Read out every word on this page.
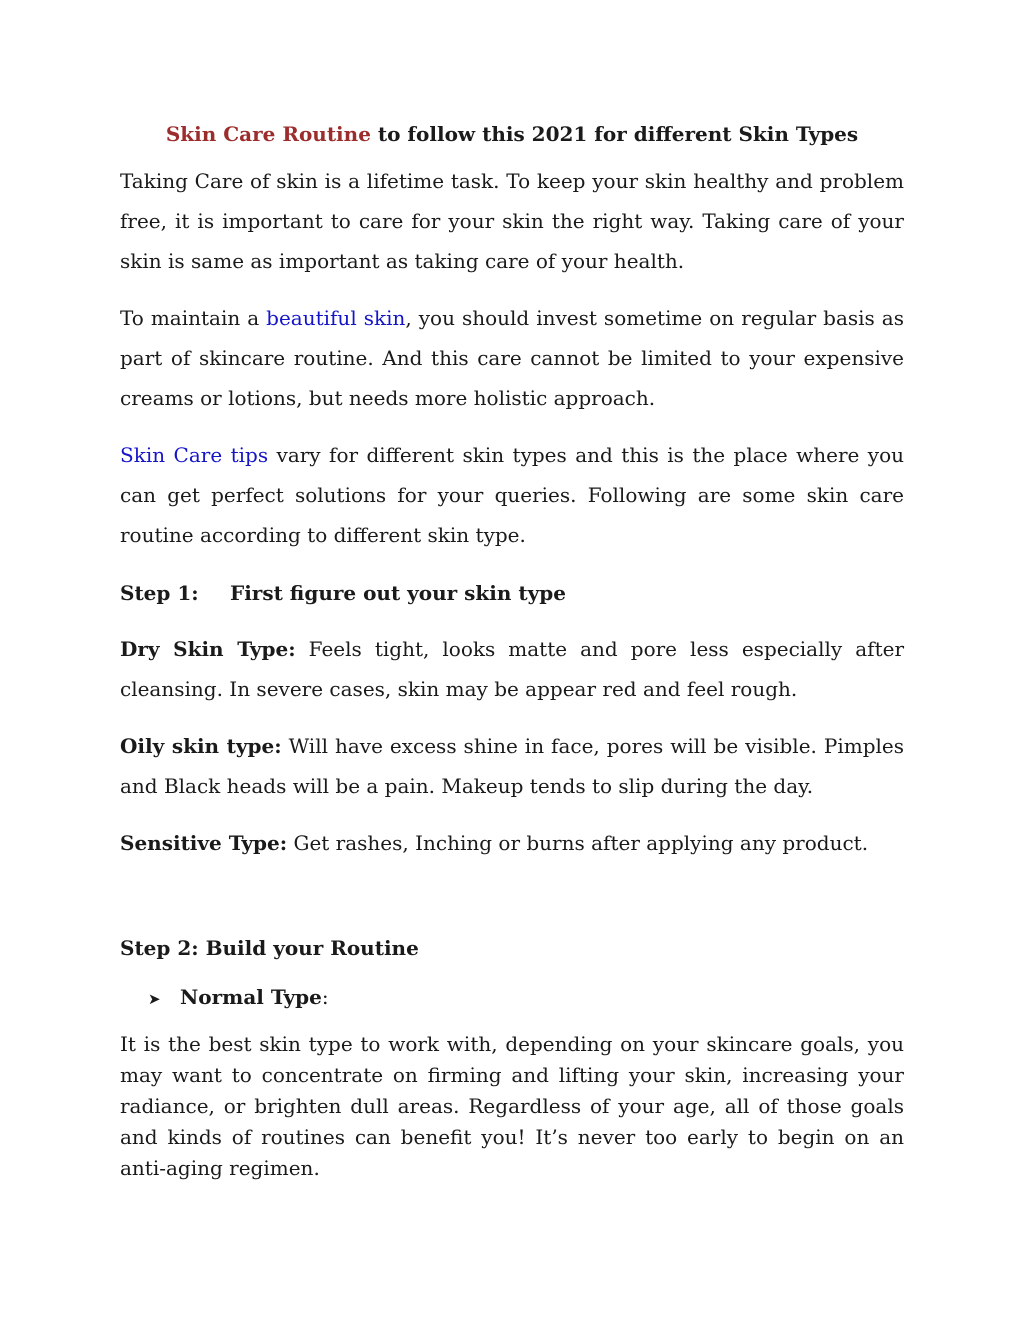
Skin Care Routine to follow this 2021 for different Skin Types

Taking Care of skin is a lifetime task. To keep your skin healthy and problem free, it is important to care for your skin the right way. Taking care of your skin is same as important as taking care of your health.

To maintain a beautiful skin, you should invest sometime on regular basis as part of skincare routine. And this care cannot be limited to your expensive creams or lotions, but needs more holistic approach.

Skin Care tips vary for different skin types and this is the place where you can get perfect solutions for your queries. Following are some skin care routine according to different skin type.

Step 1: First figure out your skin type

Dry Skin Type: Feels tight, looks matte and pore less especially after cleansing. In severe cases, skin may be appear red and feel rough.

Oily skin type: Will have excess shine in face, pores will be visible. Pimples and Black heads will be a pain. Makeup tends to slip during the day.

Sensitive Type: Get rashes, Inching or burns after applying any product.

Step 2: Build your Routine
➤ Normal Type:

It is the best skin type to work with, depending on your skincare goals, you may want to concentrate on firming and lifting your skin, increasing your radiance, or brighten dull areas. Regardless of your age, all of those goals and kinds of routines can benefit you! It’s never too early to begin on an anti-aging regimen.
